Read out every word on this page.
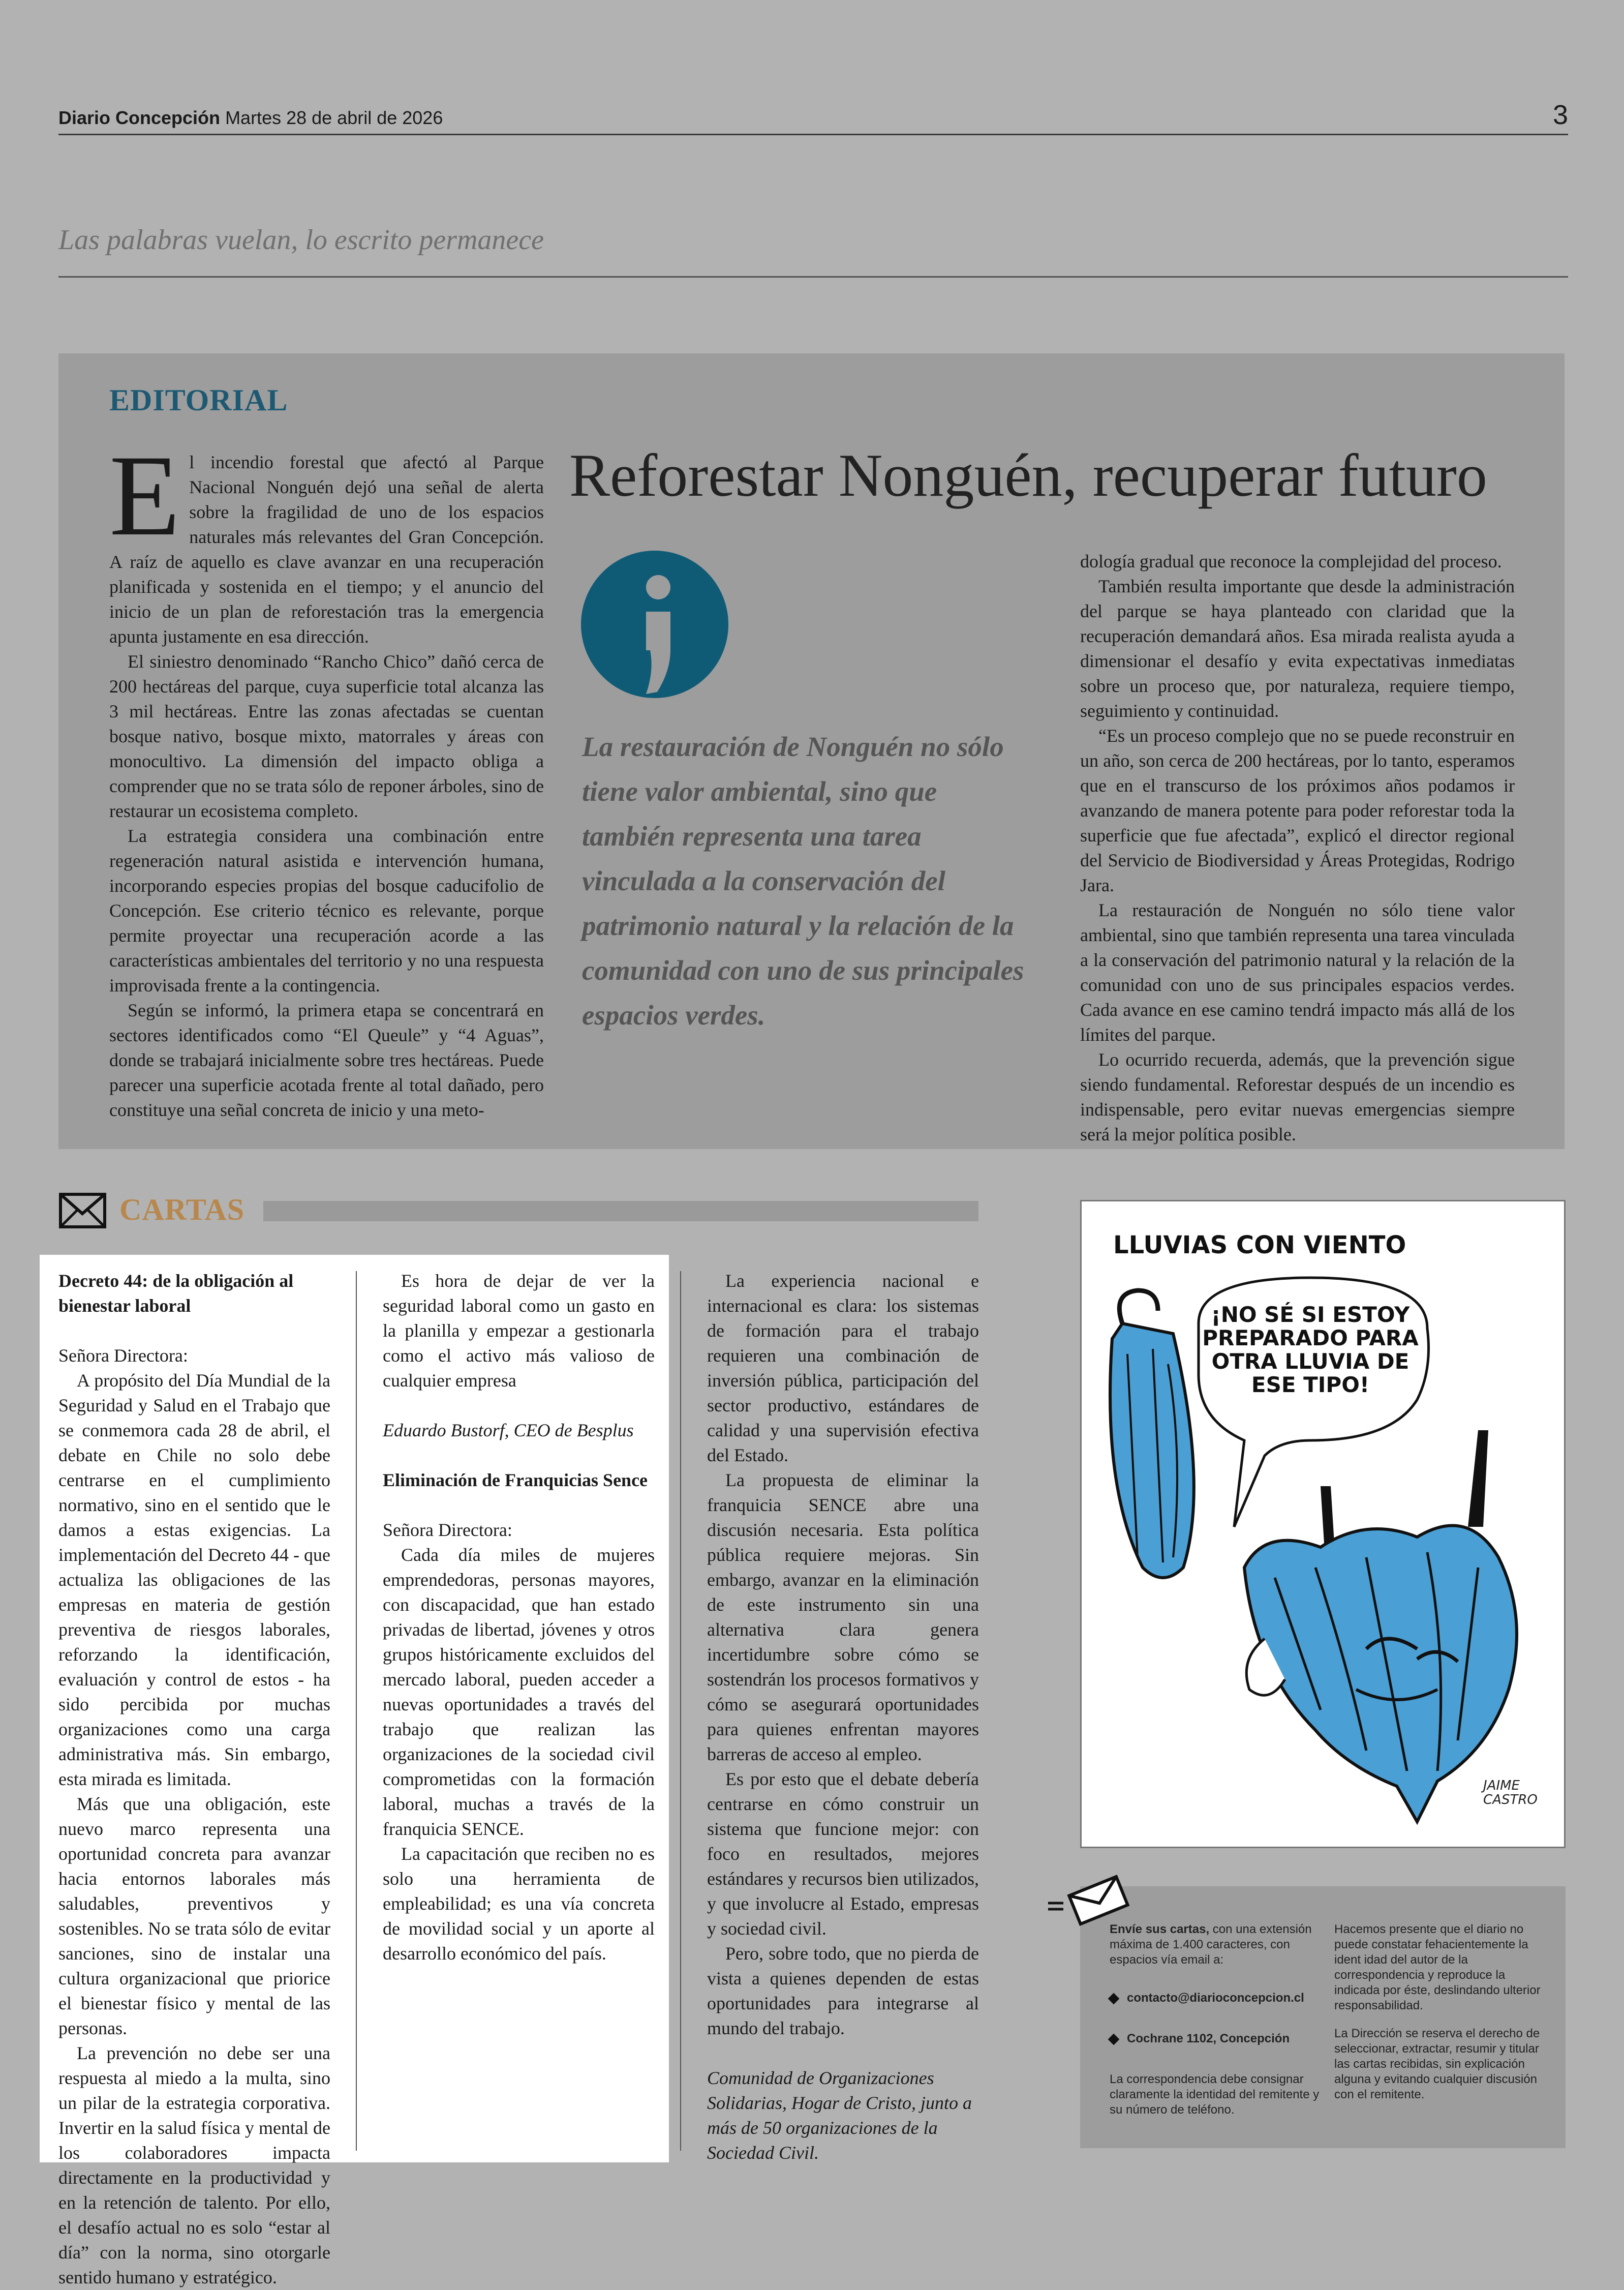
Diario Concepción Martes 28 de abril de 2026	3
Las palabras vuelan, lo escrito permanece
EDITORIAL

El incendio forestal que afectó al Parque Nacional Nonguén dejó una señal de alerta sobre la fragilidad de uno de los espacios naturales más relevantes del Gran Concepción. A raíz de aquello es clave avanzar en una recuperación planificada y sostenida en el tiempo; y el anuncio del inicio de un plan de reforestación tras la emergencia apunta justamente en esa dirección.

El siniestro denominado “Rancho Chico” dañó cerca de 200 hectáreas del parque, cuya superficie total alcanza las 3 mil hectáreas. Entre las zonas afectadas se cuentan bosque nativo, bosque mixto, matorrales y áreas con monocultivo. La dimensión del impacto obliga a comprender que no se trata sólo de reponer árboles, sino de restaurar un ecosistema completo.

La estrategia considera una combinación entre regeneración natural asistida e intervención humana, incorporando especies propias del bosque caducifolio de Concepción. Ese criterio técnico es relevante, porque permite proyectar una recuperación acorde a las características ambientales del territorio y no una respuesta improvisada frente a la contingencia.

Según se informó, la primera etapa se concentrará en sectores identificados como “El Queule” y “4 Aguas”, donde se trabajará inicialmente sobre tres hectáreas. Puede parecer una superficie acotada frente al total dañado, pero constituye una señal concreta de inicio y una meto-

Reforestar Nonguén, recuperar futuro
La restauración de Nonguén no sólo tiene valor ambiental, sino que también representa una tarea vinculada a la conservación del patrimonio natural y la relación de la comunidad con uno de sus principales espacios verdes.

dología gradual que reconoce la complejidad del proceso.

También resulta importante que desde la administración del parque se haya planteado con claridad que la recuperación demandará años. Esa mirada realista ayuda a dimensionar el desafío y evita expectativas inmediatas sobre un proceso que, por naturaleza, requiere tiempo, seguimiento y continuidad.

“Es un proceso complejo que no se puede reconstruir en un año, son cerca de 200 hectáreas, por lo tanto, esperamos que en el transcurso de los próximos años podamos ir avanzando de manera potente para poder reforestar toda la superficie que fue afectada”, explicó el director regional del Servicio de Biodiversidad y Áreas Protegidas, Rodrigo Jara.

La restauración de Nonguén no sólo tiene valor ambiental, sino que también representa una tarea vinculada a la conservación del patrimonio natural y la relación de la comunidad con uno de sus principales espacios verdes. Cada avance en ese camino tendrá impacto más allá de los límites del parque.

Lo ocurrido recuerda, además, que la prevención sigue siendo fundamental. Reforestar después de un incendio es indispensable, pero evitar nuevas emergencias siempre será la mejor política posible.

CARTAS

Decreto 44: de la obligación al bienestar laboral

Señora Directora:

A propósito del Día Mundial de la Seguridad y Salud en el Trabajo que se conmemora cada 28 de abril, el debate en Chile no solo debe centrarse en el cumplimiento normativo, sino en el sentido que le damos a estas exigencias. La implementación del Decreto 44 - que actualiza las obligaciones de las empresas en materia de gestión preventiva de riesgos laborales, reforzando la identificación, evaluación y control de estos - ha sido percibida por muchas organizaciones como una carga administrativa más. Sin embargo, esta mirada es limitada.

Más que una obligación, este nuevo marco representa una oportunidad concreta para avanzar hacia entornos laborales más saludables, preventivos y sostenibles. No se trata sólo de evitar sanciones, sino de instalar una cultura organizacional que priorice el bienestar físico y mental de las personas.

La prevención no debe ser una respuesta al miedo a la multa, sino un pilar de la estrategia corporativa. Invertir en la salud física y mental de los colaboradores impacta directamente en la productividad y en la retención de talento. Por ello, el desafío actual no es solo “estar al día” con la norma, sino otorgarle sentido humano y estratégico.

Es hora de dejar de ver la seguridad laboral como un gasto en la planilla y empezar a gestionarla como el activo más valioso de cualquier empresa

Eduardo Bustorf, CEO de Besplus

Eliminación de Franquicias Sence

Señora Directora:

Cada día miles de mujeres emprendedoras, personas mayores, con discapacidad, que han estado privadas de libertad, jóvenes y otros grupos históricamente excluidos del mercado laboral, pueden acceder a nuevas oportunidades a través del trabajo que realizan las organizaciones de la sociedad civil comprometidas con la formación laboral, muchas a través de la franquicia SENCE.

La capacitación que reciben no es solo una herramienta de empleabilidad; es una vía concreta de movilidad social y un aporte al desarrollo económico del país.

La experiencia nacional e internacional es clara: los sistemas de formación para el trabajo requieren una combinación de inversión pública, participación del sector productivo, estándares de calidad y una supervisión efectiva del Estado.

La propuesta de eliminar la franquicia SENCE abre una discusión necesaria. Esta política pública requiere mejoras. Sin embargo, avanzar en la eliminación de este instrumento sin una alternativa clara genera incertidumbre sobre cómo se sostendrán los procesos formativos y cómo se asegurará oportunidades para quienes enfrentan mayores barreras de acceso al empleo.

Es por esto que el debate debería centrarse en cómo construir un sistema que funcione mejor: con foco en resultados, mejores estándares y recursos bien utilizados, y que involucre al Estado, empresas y sociedad civil.

Pero, sobre todo, que no pierda de vista a quienes dependen de estas oportunidades para integrarse al mundo del trabajo.

Comunidad de Organizaciones Solidarias, Hogar de Cristo, junto a más de 50 organizaciones de la Sociedad Civil.

LLUVIAS CON VIENTO
¡NO SÉ SI ESTOY PREPARADO PARA OTRA LLUVIA DE ESE TIPO!
JAIME CASTRO
Envíe sus cartas, con una extensión máxima de 1.400 caracteres, con espacios vía email a:
contacto@diarioconcepcion.cl
Cochrane 1102, Concepción
La correspondencia debe consignar claramente la identidad del remitente y su número de teléfono.
Hacemos presente que el diario no puede constatar fehacientemente la ident idad del autor de la correspondencia y reproduce la indicada por éste, deslindando ulterior responsabilidad.
La Dirección se reserva el derecho de seleccionar, extractar, resumir y titular las cartas recibidas, sin explicación alguna y evitando cualquier discusión con el remitente.
